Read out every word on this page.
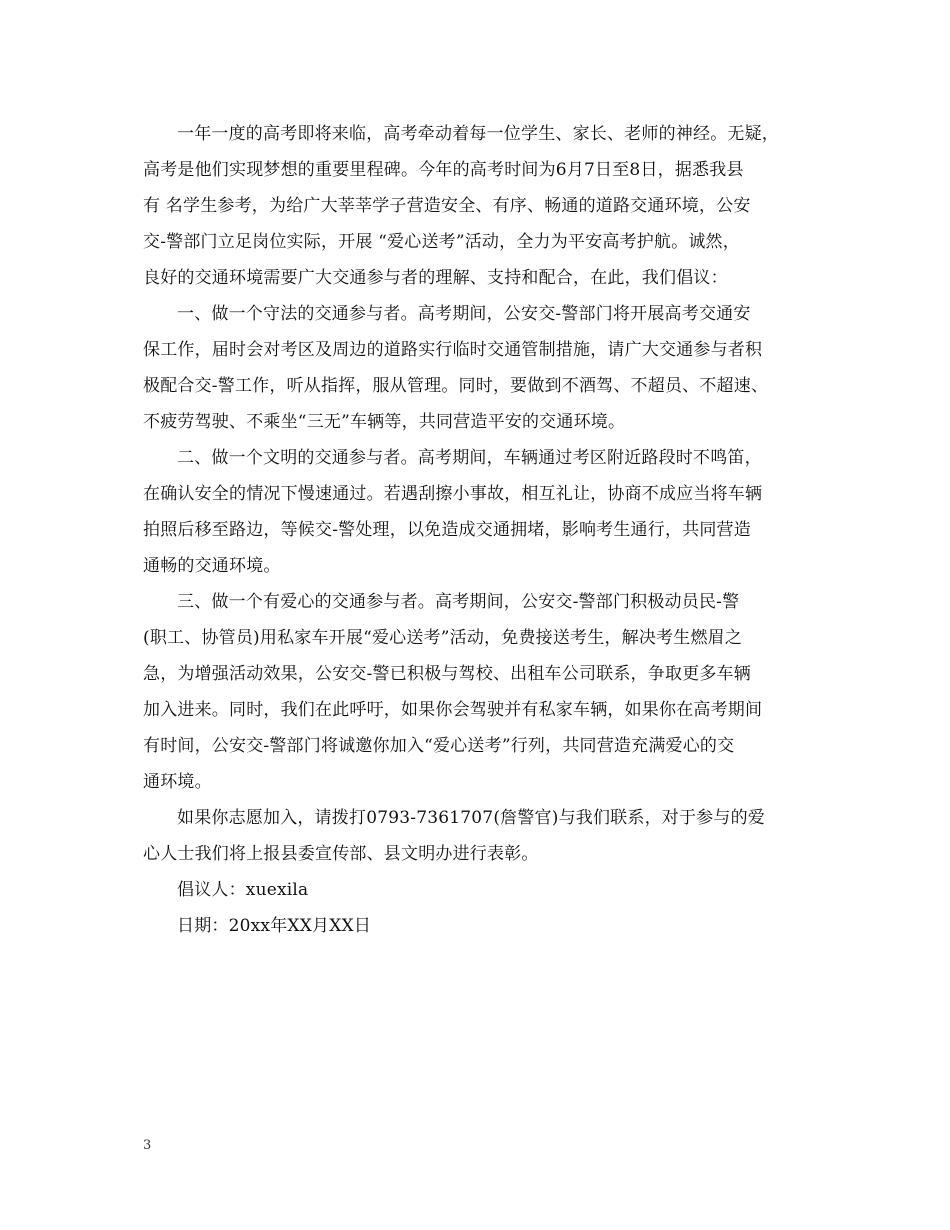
一年一度的高考即将来临，高考牵动着每一位学生、家长、老师的神经。无疑，
高考是他们实现梦想的重要里程碑。今年的高考时间为6月7日至8日，据悉我县
有 名学生参考，为给广大莘莘学子营造安全、有序、畅通的道路交通环境，公安
交-警部门立足岗位实际，开展 “爱心送考”活动，全力为平安高考护航。诚然，
良好的交通环境需要广大交通参与者的理解、支持和配合，在此，我们倡议：
一、做一个守法的交通参与者。高考期间，公安交-警部门将开展高考交通安
保工作，届时会对考区及周边的道路实行临时交通管制措施，请广大交通参与者积
极配合交-警工作，听从指挥，服从管理。同时，要做到不酒驾、不超员、不超速、
不疲劳驾驶、不乘坐“三无”车辆等，共同营造平安的交通环境。
二、做一个文明的交通参与者。高考期间，车辆通过考区附近路段时不鸣笛，
在确认安全的情况下慢速通过。若遇刮擦小事故，相互礼让，协商不成应当将车辆
拍照后移至路边，等候交-警处理，以免造成交通拥堵，影响考生通行，共同营造
通畅的交通环境。
三、做一个有爱心的交通参与者。高考期间，公安交-警部门积极动员民-警
(职工、协管员)用私家车开展“爱心送考”活动，免费接送考生，解决考生燃眉之
急，为增强活动效果，公安交-警已积极与驾校、出租车公司联系，争取更多车辆
加入进来。同时，我们在此呼吁，如果你会驾驶并有私家车辆，如果你在高考期间
有时间，公安交-警部门将诚邀你加入“爱心送考”行列，共同营造充满爱心的交
通环境。
如果你志愿加入，请拨打0793-7361707(詹警官)与我们联系，对于参与的爱
心人士我们将上报县委宣传部、县文明办进行表彰。
倡议人：xuexila
日期：20xx年XX月XX日
3
